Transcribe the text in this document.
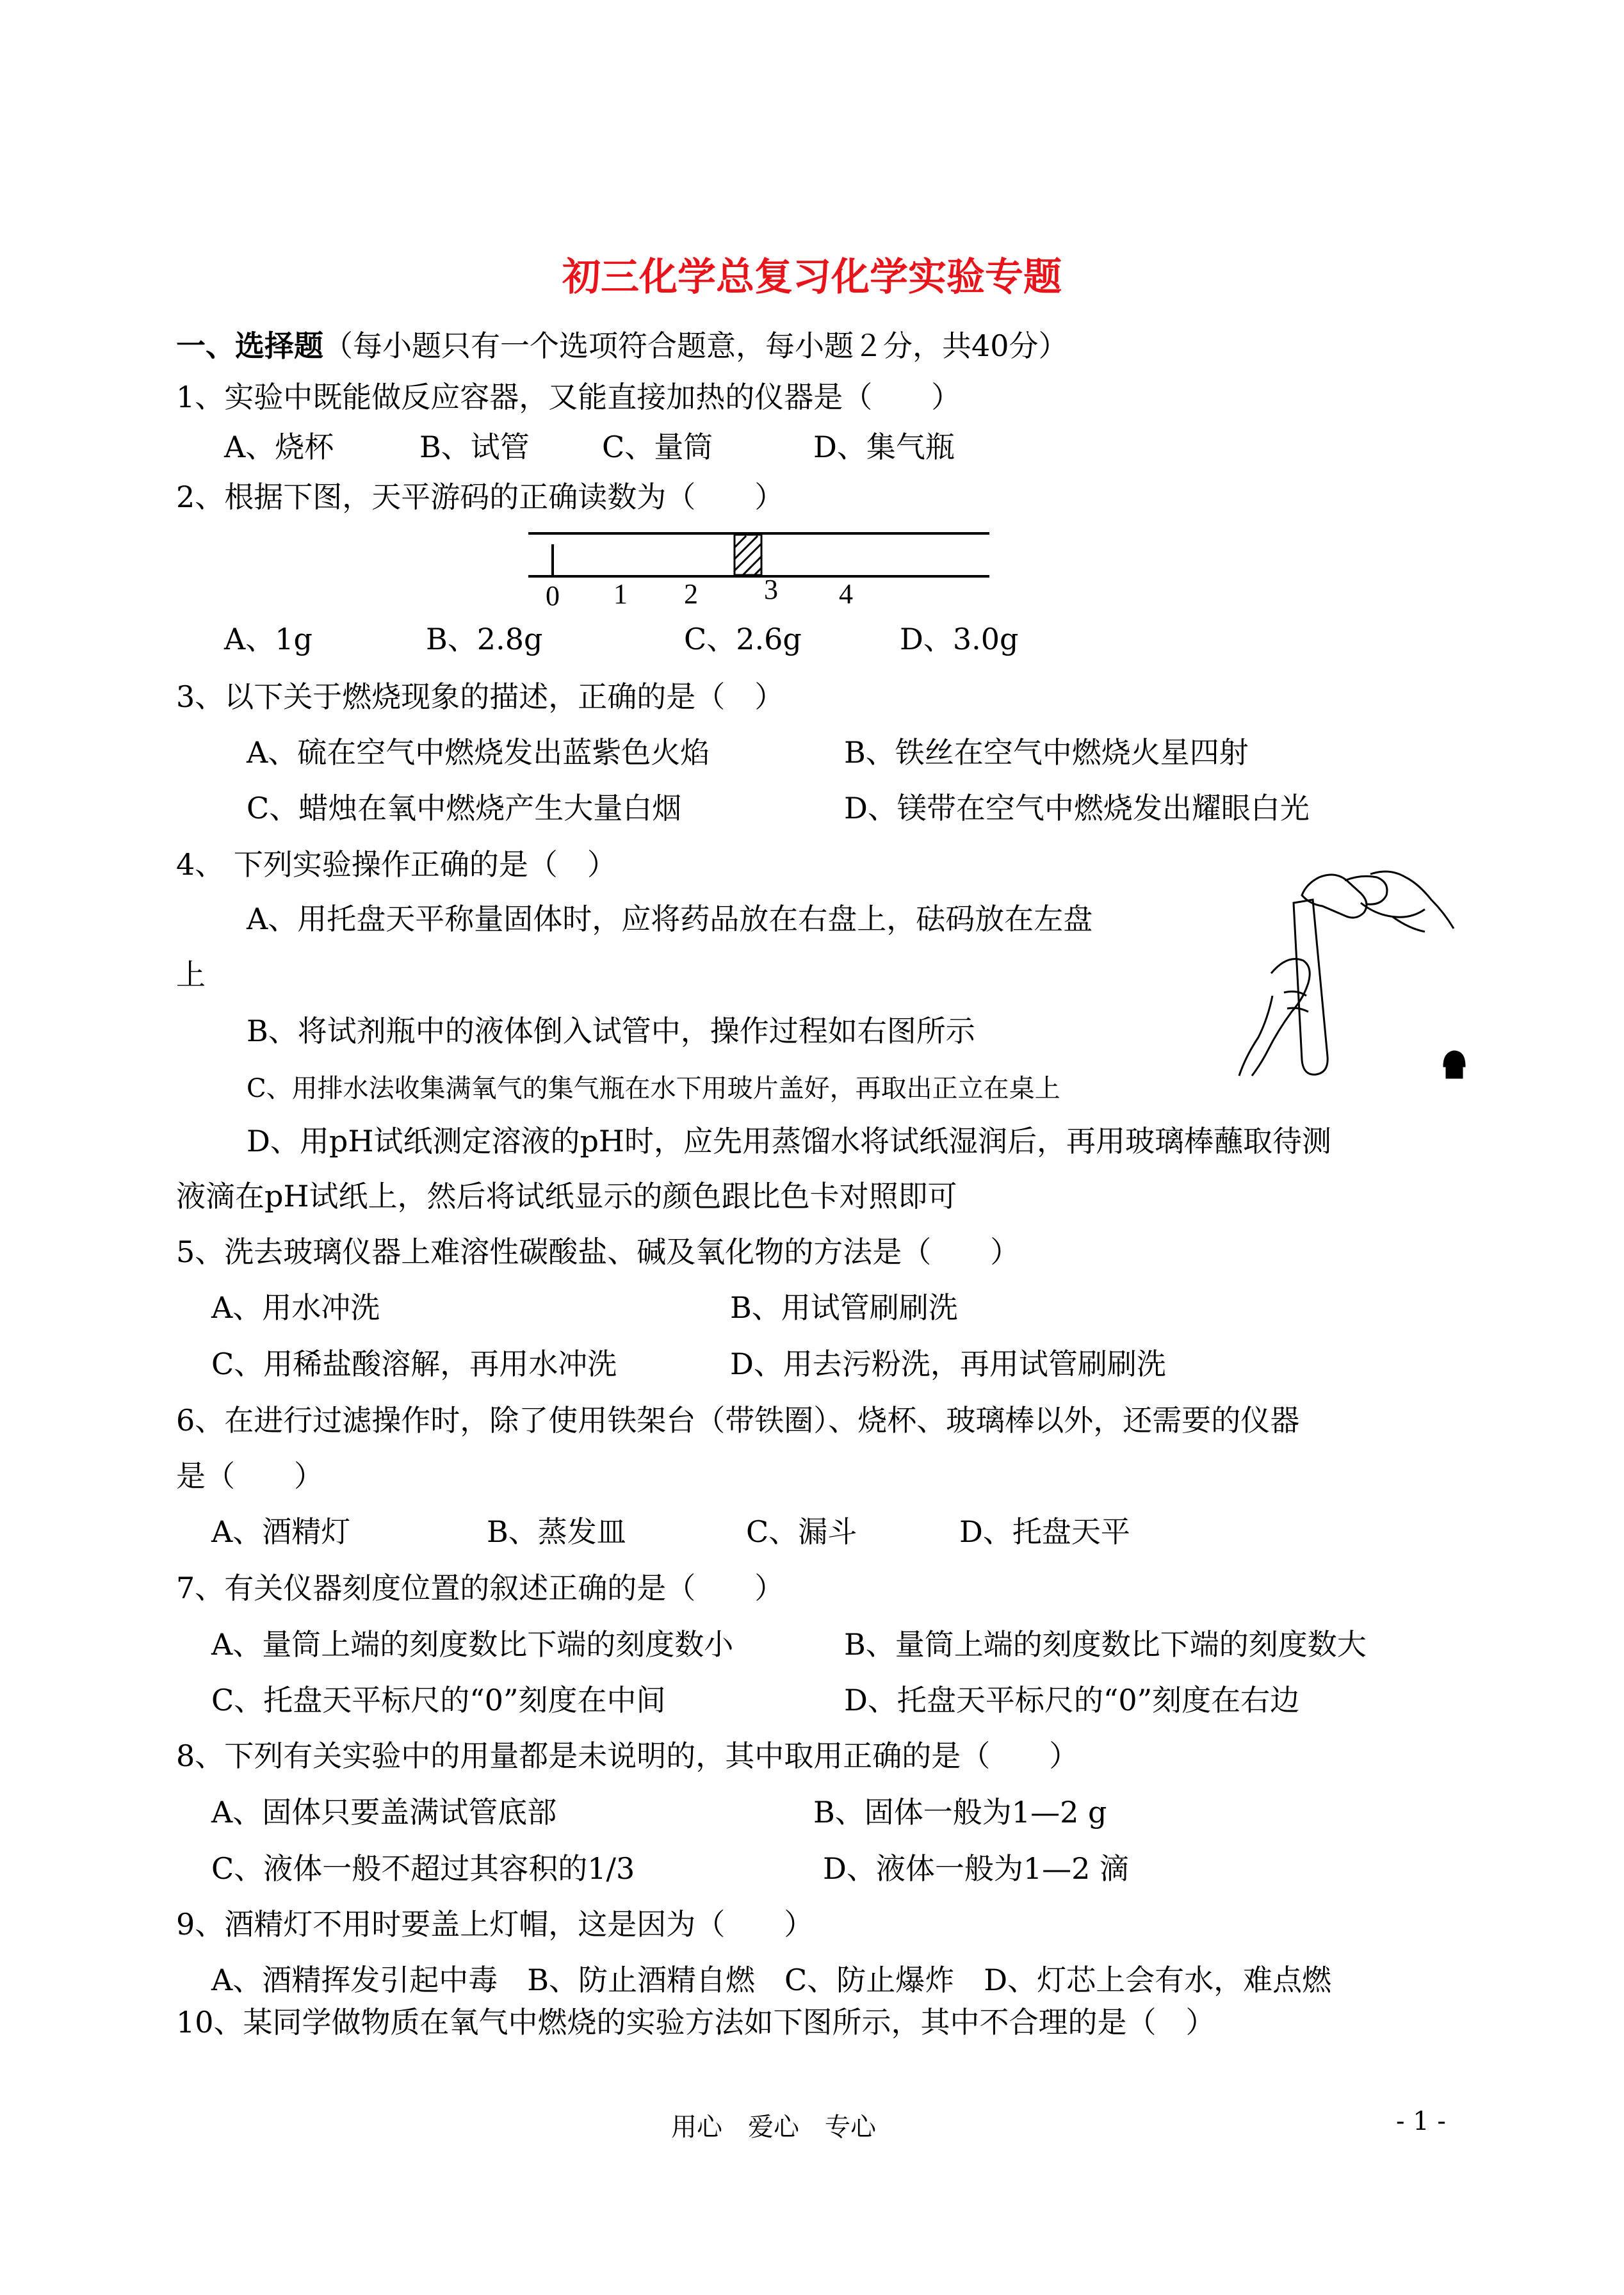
初三化学总复习化学实验专题
一、选择题（每小题只有一个选项符合题意，每小题２分，共40分）
1、实验中既能做反应容器，又能直接加热的仪器是（　　）
A、烧杯	B、试管 C、量筒	D、集气瓶
2、根据下图，天平游码的正确读数为（　　）
0 1 2 3 4
A、1g	B、2.8g	C、2.6g	D、3.0g
3、以下关于燃烧现象的描述，正确的是（　）
A、硫在空气中燃烧发出蓝紫色火焰	B、铁丝在空气中燃烧火星四射
C、蜡烛在氧中燃烧产生大量白烟	D、镁带在空气中燃烧发出耀眼白光
4、 下列实验操作正确的是（　）
A、用托盘天平称量固体时，应将药品放在右盘上，砝码放在左盘
上
B、将试剂瓶中的液体倒入试管中，操作过程如右图所示
C、用排水法收集满氧气的集气瓶在水下用玻片盖好，再取出正立在桌上
D、用pH试纸测定溶液的pH时，应先用蒸馏水将试纸湿润后，再用玻璃棒蘸取待测
液滴在pH试纸上，然后将试纸显示的颜色跟比色卡对照即可
5、洗去玻璃仪器上难溶性碳酸盐、碱及氧化物的方法是（　　）
A、用水冲洗	B、用试管刷刷洗
C、用稀盐酸溶解，再用水冲洗	D、用去污粉洗，再用试管刷刷洗
6、在进行过滤操作时，除了使用铁架台（带铁圈）、烧杯、玻璃棒以外，还需要的仪器
是（　　）
A、酒精灯	B、蒸发皿	C、漏斗	D、托盘天平
7、有关仪器刻度位置的叙述正确的是（　　）
A、量筒上端的刻度数比下端的刻度数小	B、量筒上端的刻度数比下端的刻度数大
C、托盘天平标尺的“0”刻度在中间	D、托盘天平标尺的“0”刻度在右边
8、下列有关实验中的用量都是未说明的，其中取用正确的是（　　）
A、固体只要盖满试管底部	B、固体一般为1—2 g
C、液体一般不超过其容积的1/3	D、液体一般为1—2 滴
9、酒精灯不用时要盖上灯帽，这是因为（　　）
A、酒精挥发引起中毒　B、防止酒精自燃　C、防止爆炸　D、灯芯上会有水，难点燃
10、某同学做物质在氧气中燃烧的实验方法如下图所示，其中不合理的是（　）
用心　爱心　专心	- 1 -
